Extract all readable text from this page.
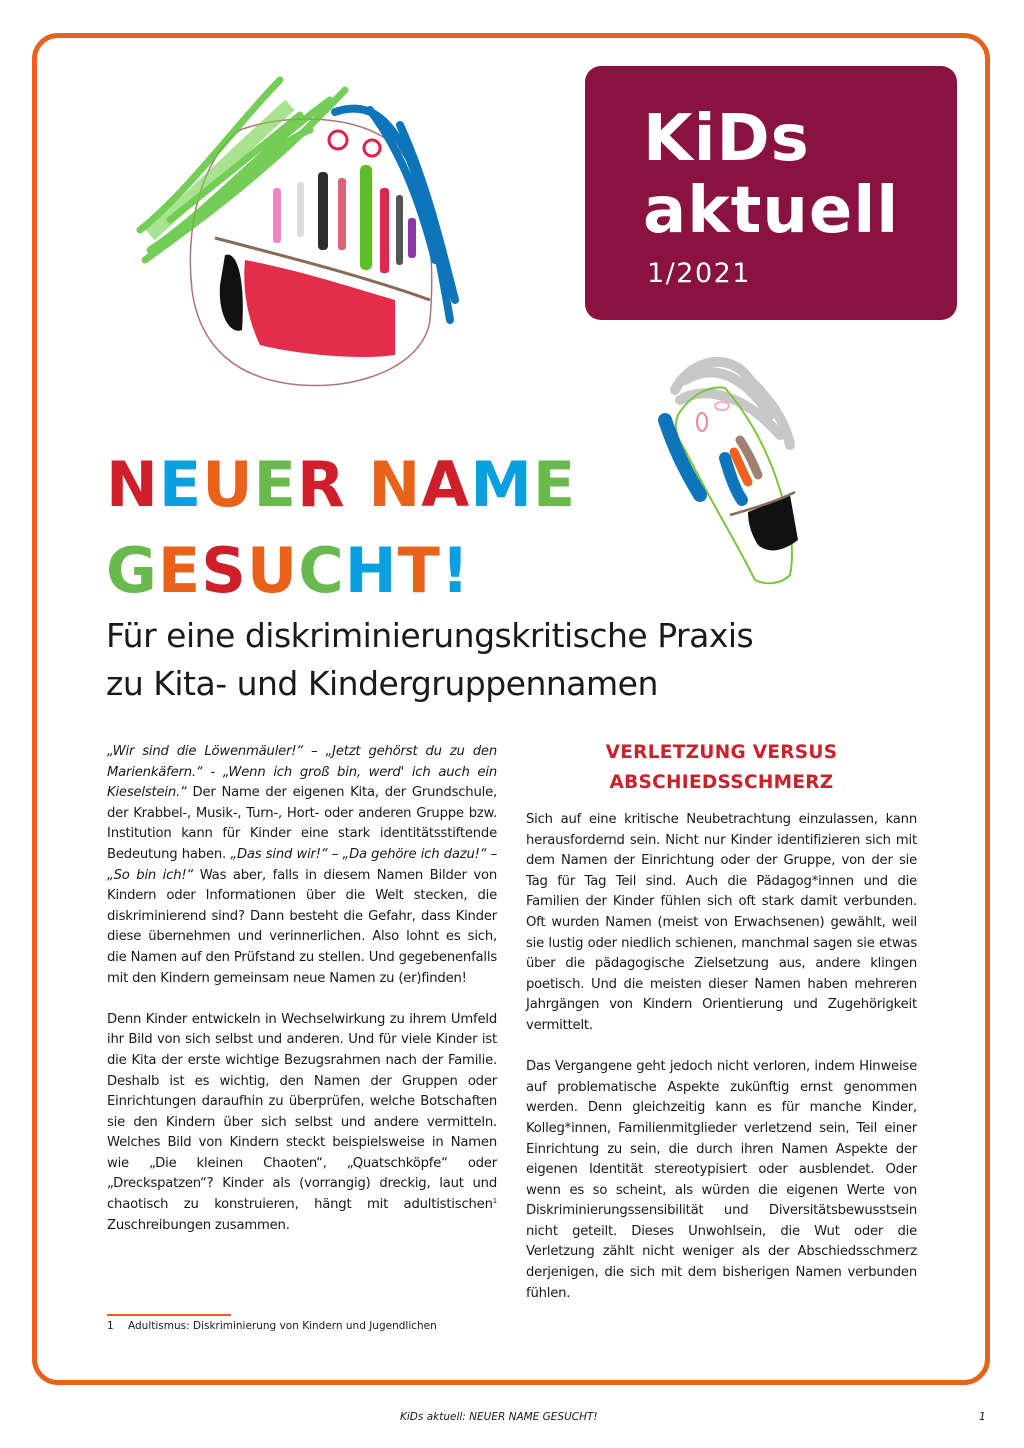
KiDs
aktuell
1/2021
NEUER NAME
GESUCHT!
Für eine diskriminierungskritische Praxis
zu Kita- und Kindergruppennamen

„Wir sind die Löwenmäuler!“ – „Jetzt gehörst du zu den Marienkäfern.“ - „Wenn ich groß bin, werd' ich auch ein Kieselstein.“ Der Name der eigenen Kita, der Grundschule, der Krabbel-, Musik-, Turn-, Hort- oder anderen Gruppe bzw. Institution kann für Kinder eine stark identitätsstiftende Bedeutung haben. „Das sind wir!“ – „Da gehöre ich dazu!“ – „So bin ich!“ Was aber, falls in diesem Namen Bilder von Kindern oder Informationen über die Welt stecken, die diskriminierend sind? Dann besteht die Gefahr, dass Kinder diese übernehmen und verinnerlichen. Also lohnt es sich, die Namen auf den Prüfstand zu stellen. Und gegebenenfalls mit den Kindern gemeinsam neue Namen zu (er)finden!

Denn Kinder entwickeln in Wechselwirkung zu ihrem Umfeld ihr Bild von sich selbst und anderen. Und für viele Kinder ist die Kita der erste wichtige Bezugsrahmen nach der Familie. Deshalb ist es wichtig, den Namen der Gruppen oder Einrichtungen daraufhin zu überprüfen, welche Botschaften sie den Kindern über sich selbst und andere vermitteln. Welches Bild von Kindern steckt beispielsweise in Namen wie „Die kleinen Chaoten“, „Quatschköpfe“ oder „Dreckspatzen“? Kinder als (vorrangig) dreckig, laut und chaotisch zu konstruieren, hängt mit adultistischen$^1$ Zuschreibungen zusammen.

VERLETZUNG VERSUS
ABSCHIEDSSCHMERZ

Sich auf eine kritische Neubetrachtung einzulassen, kann herausfordernd sein. Nicht nur Kinder identifizieren sich mit dem Namen der Einrichtung oder der Gruppe, von der sie Tag für Tag Teil sind. Auch die Pädagog*innen und die Familien der Kinder fühlen sich oft stark damit verbunden. Oft wurden Namen (meist von Erwachsenen) gewählt, weil sie lustig oder niedlich schienen, manchmal sagen sie etwas über die pädagogische Zielsetzung aus, andere klingen poetisch. Und die meisten dieser Namen haben mehreren Jahrgängen von Kindern Orientierung und Zugehörigkeit vermittelt.

Das Vergangene geht jedoch nicht verloren, indem Hinweise auf problematische Aspekte zukünftig ernst genommen werden. Denn gleichzeitig kann es für manche Kinder, Kolleg*innen, Familienmitglieder verletzend sein, Teil einer Einrichtung zu sein, die durch ihren Namen Aspekte der eigenen Identität stereotypisiert oder ausblendet. Oder wenn es so scheint, als würden die eigenen Werte von Diskriminierungssensibilität und Diversitätsbewusstsein nicht geteilt. Dieses Unwohlsein, die Wut oder die Verletzung zählt nicht weniger als der Abschiedsschmerz derjenigen, die sich mit dem bisherigen Namen verbunden fühlen.

1 Adultismus: Diskriminierung von Kindern und Jugendlichen
KiDs aktuell: NEUER NAME GESUCHT!	1
